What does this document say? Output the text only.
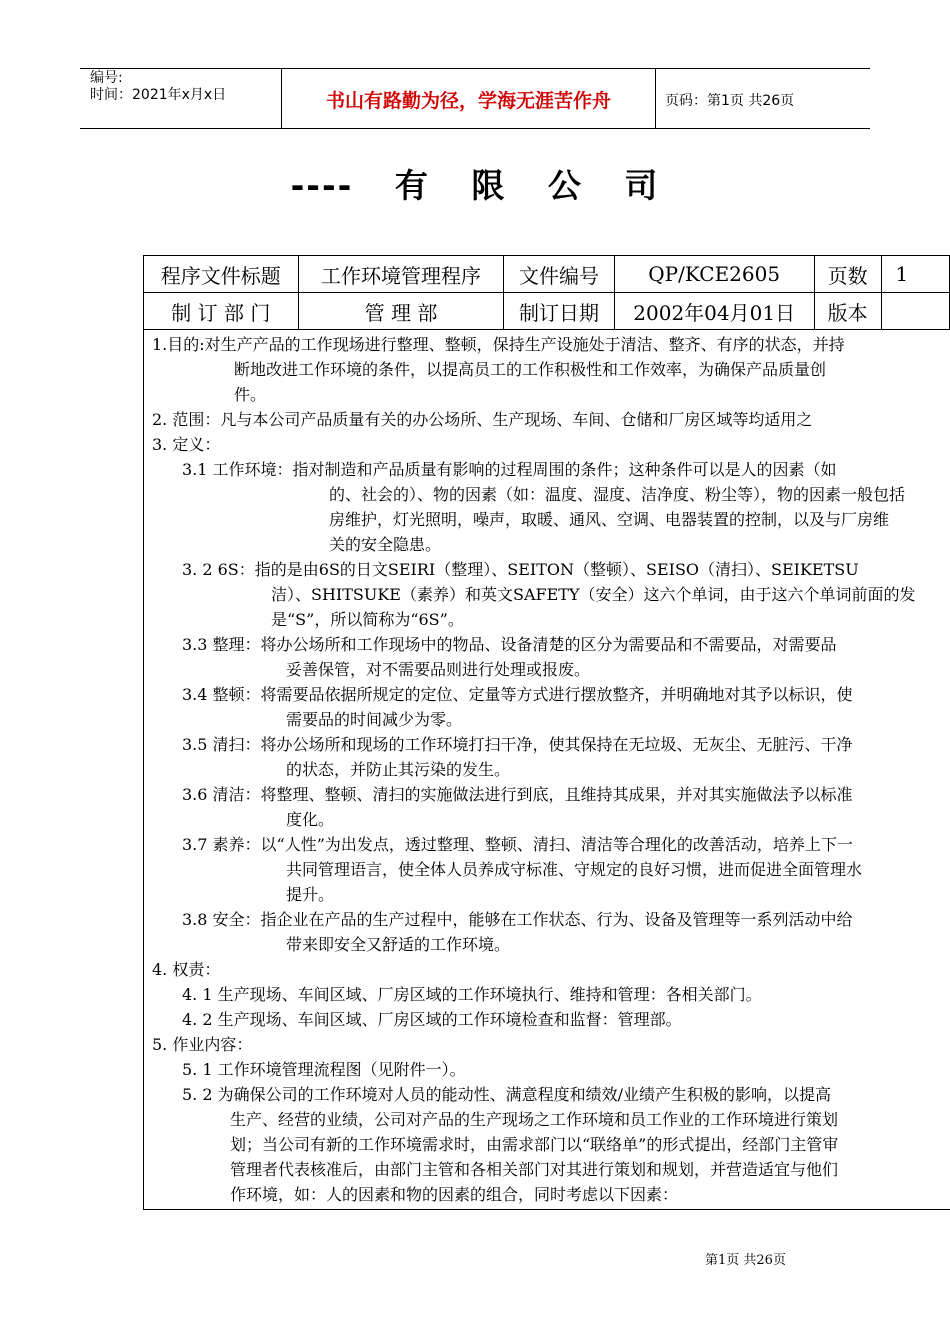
编号:
时间：2021年x月x日	书山有路勤为径，学海无涯苦作舟	页码：第1页 共26页
---- 有 限 公 司
程序文件标题	工作环境管理程序	文件编号	QP/KCE2605	页数	1
制 订 部 门	管 理 部	制订日期	2002年04月01日	版本	
1.目的:对生产产品的工作现场进行整理、整顿，保持生产设施处于清洁、整齐、有序的状态，并持
断地改进工作环境的条件，以提高员工的工作积极性和工作效率，为确保产品质量创
件。
2. 范围：凡与本公司产品质量有关的办公场所、生产现场、车间、仓储和厂房区域等均适用之
3. 定义：
3.1 工作环境：指对制造和产品质量有影响的过程周围的条件；这种条件可以是人的因素（如
的、社会的）、物的因素（如：温度、湿度、洁净度、粉尘等），物的因素一般包括
房维护，灯光照明，噪声，取暖、通风、空调、电器装置的控制，以及与厂房维
关的安全隐患。
3. 2 6S：指的是由6S的日文SEIRI（整理）、SEITON（整顿）、SEISO（清扫）、SEIKETSU
洁）、SHITSUKE（素养）和英文SAFETY（安全）这六个单词，由于这六个单词前面的发
是“S”，所以简称为“6S”。
3.3 整理：将办公场所和工作现场中的物品、设备清楚的区分为需要品和不需要品，对需要品
妥善保管，对不需要品则进行处理或报废。
3.4 整顿：将需要品依据所规定的定位、定量等方式进行摆放整齐，并明确地对其予以标识，使
需要品的时间减少为零。
3.5 清扫：将办公场所和现场的工作环境打扫干净，使其保持在无垃圾、无灰尘、无脏污、干净
的状态，并防止其污染的发生。
3.6 清洁：将整理、整顿、清扫的实施做法进行到底，且维持其成果，并对其实施做法予以标准
度化。
3.7 素养：以“人性”为出发点，透过整理、整顿、清扫、清洁等合理化的改善活动，培养上下一
共同管理语言，使全体人员养成守标准、守规定的良好习惯，进而促进全面管理水
提升。
3.8 安全：指企业在产品的生产过程中，能够在工作状态、行为、设备及管理等一系列活动中给
带来即安全又舒适的工作环境。
4. 权责：
4. 1 生产现场、车间区域、厂房区域的工作环境执行、维持和管理：各相关部门。
4. 2 生产现场、车间区域、厂房区域的工作环境检查和监督：管理部。
5. 作业内容：
5. 1 工作环境管理流程图（见附件一）。
5. 2 为确保公司的工作环境对人员的能动性、满意程度和绩效/业绩产生积极的影响，以提高
生产、经营的业绩，公司对产品的生产现场之工作环境和员工作业的工作环境进行策划
划；当公司有新的工作环境需求时，由需求部门以“联络单”的形式提出，经部门主管审
管理者代表核准后，由部门主管和各相关部门对其进行策划和规划，并营造适宜与他们
作环境，如：人的因素和物的因素的组合，同时考虑以下因素：
第1页 共26页
